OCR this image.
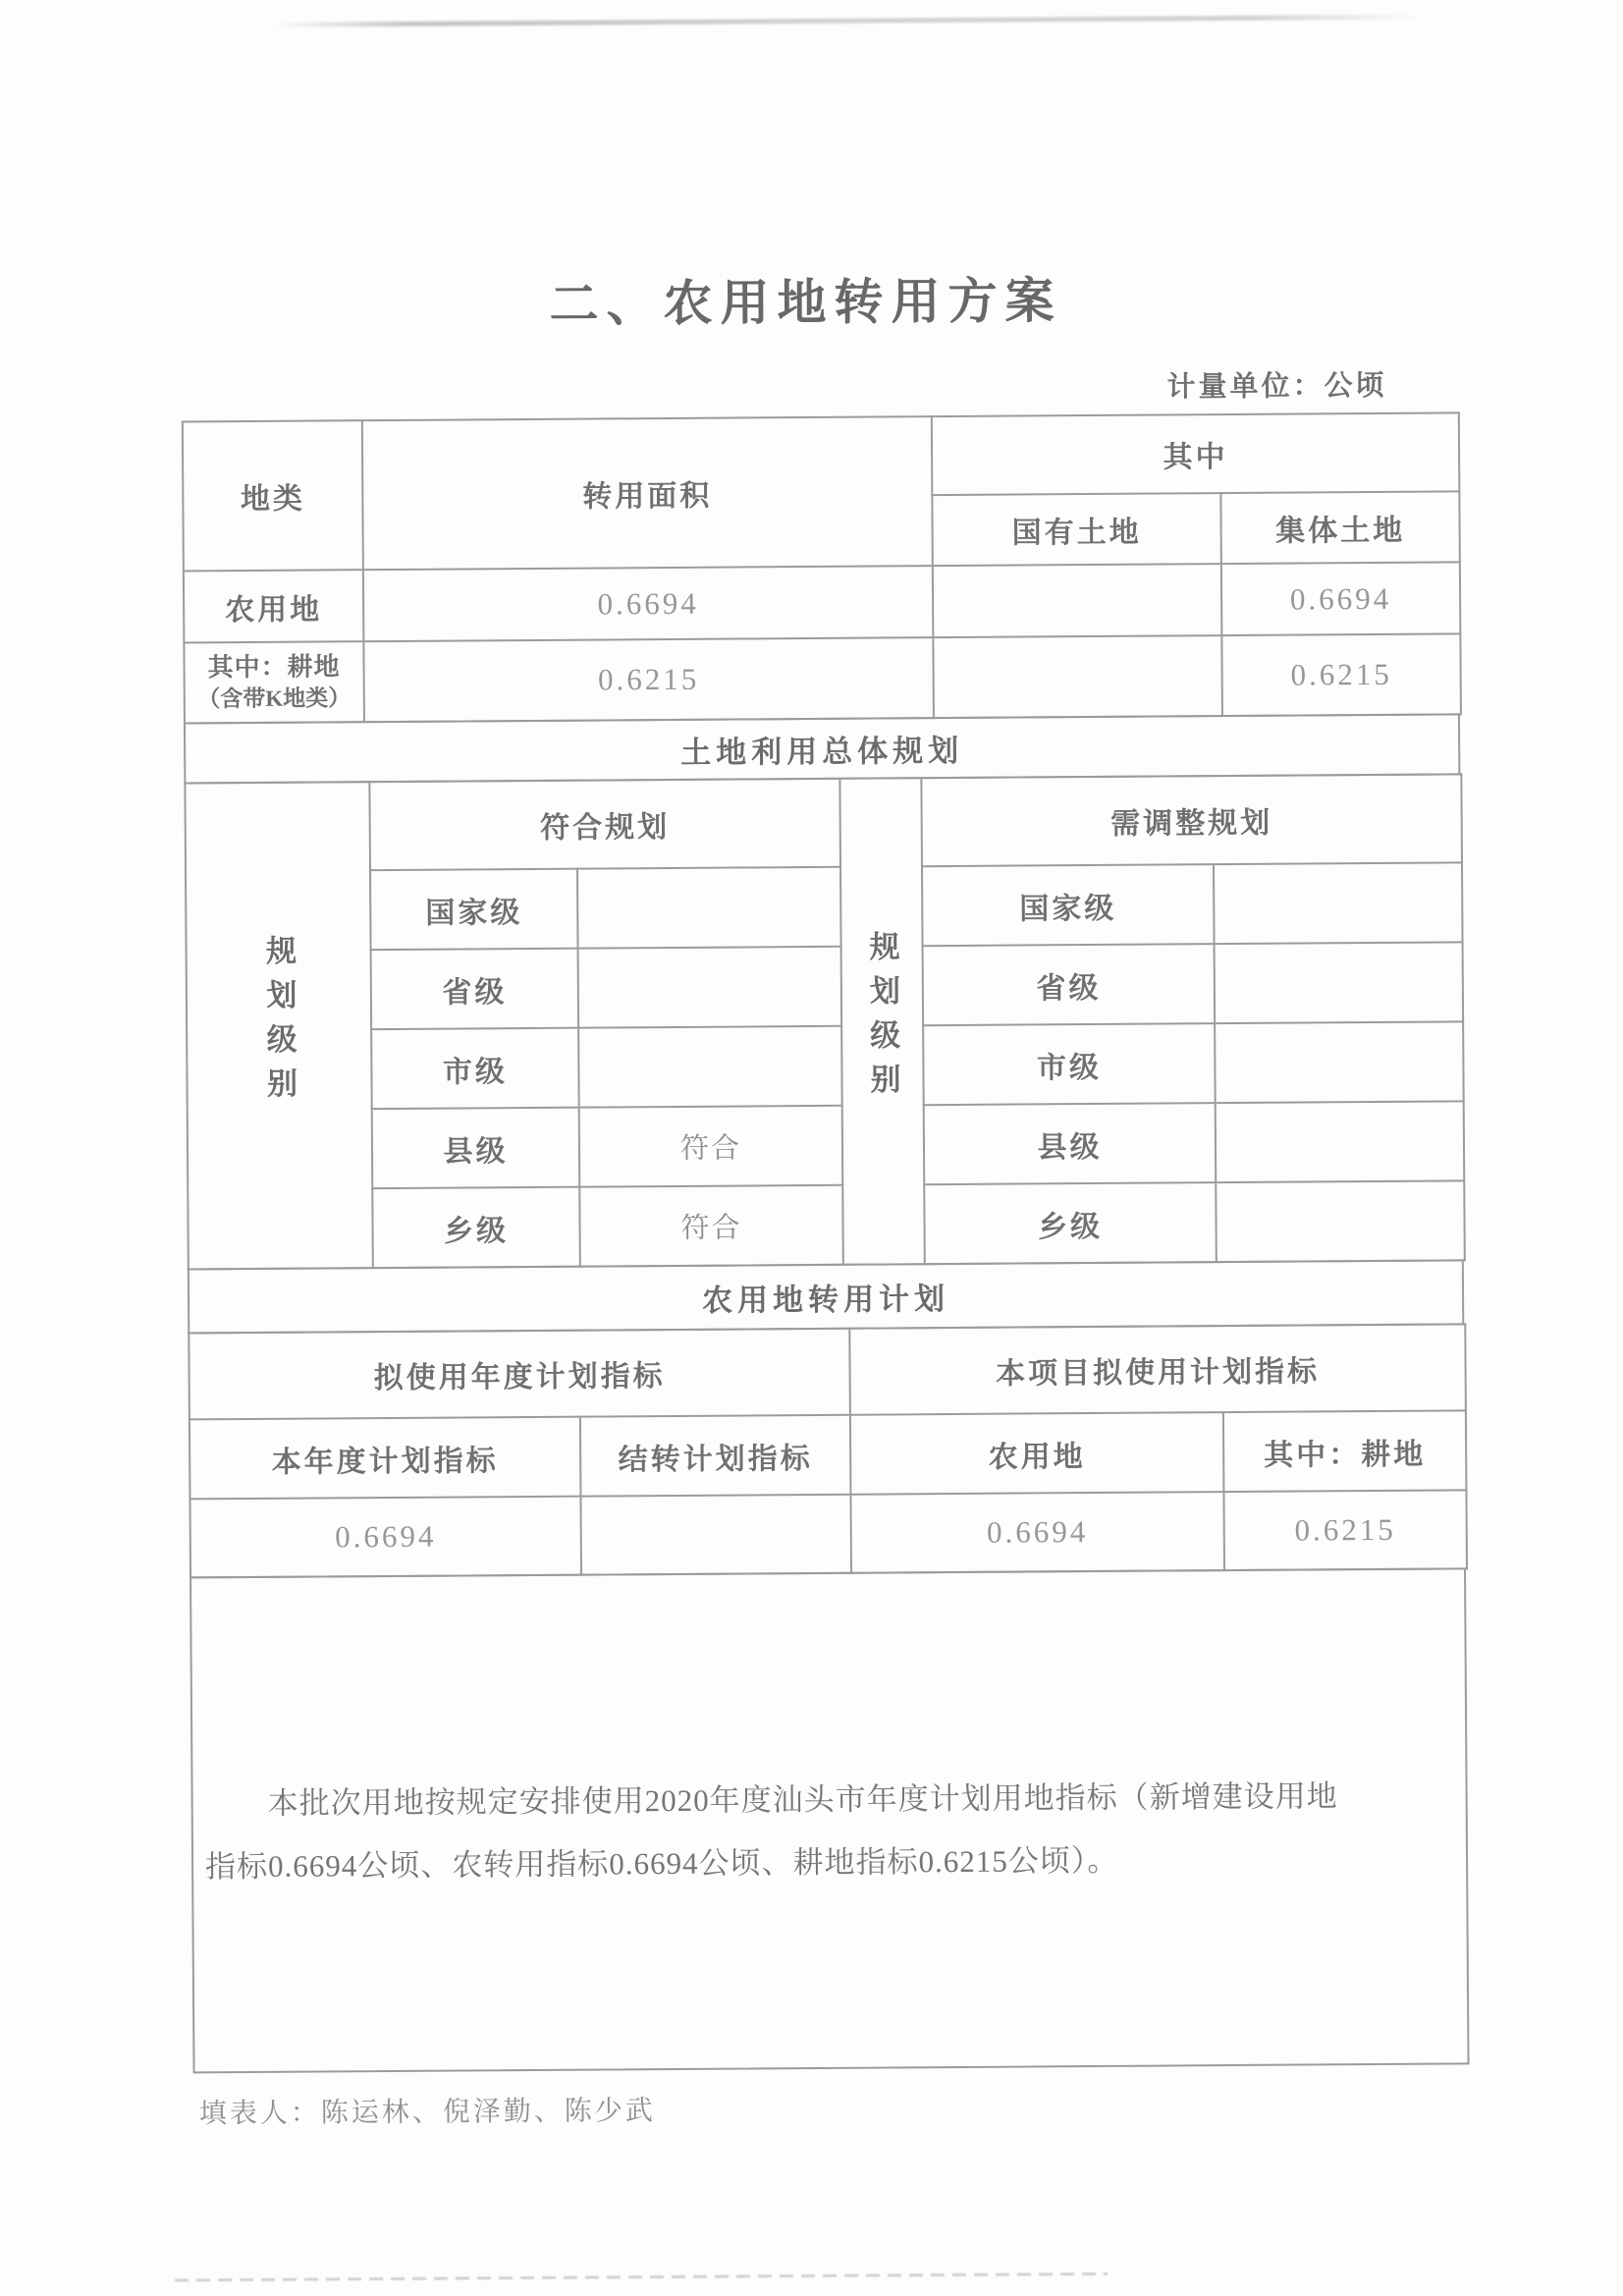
二、农用地转用方案
计量单位：公顷
地类	转用面积	其中	
		国有土地	集体土地
农用地	0.6694		0.6694

其中：耕地
（含带K地类）	0.6215		0.6215
土地利用总体规划
规划级别	符合规划		规划级别	需调整规划	
	国家级			国家级	
	省级			省级	
	市级			市级	
	县级	符合		县级	
	乡级	符合		乡级	
农用地转用计划
拟使用年度计划指标		本项目拟使用计划指标	
本年度计划指标	结转计划指标	农用地	其中：耕地
0.6694		0.6694	0.6215
本批次用地按规定安排使用2020年度汕头市年度计划用地指标（新增建设用地
指标0.6694公顷、农转用指标0.6694公顷、耕地指标0.6215公顷）。
填表人：陈运林、倪泽勤、陈少武
